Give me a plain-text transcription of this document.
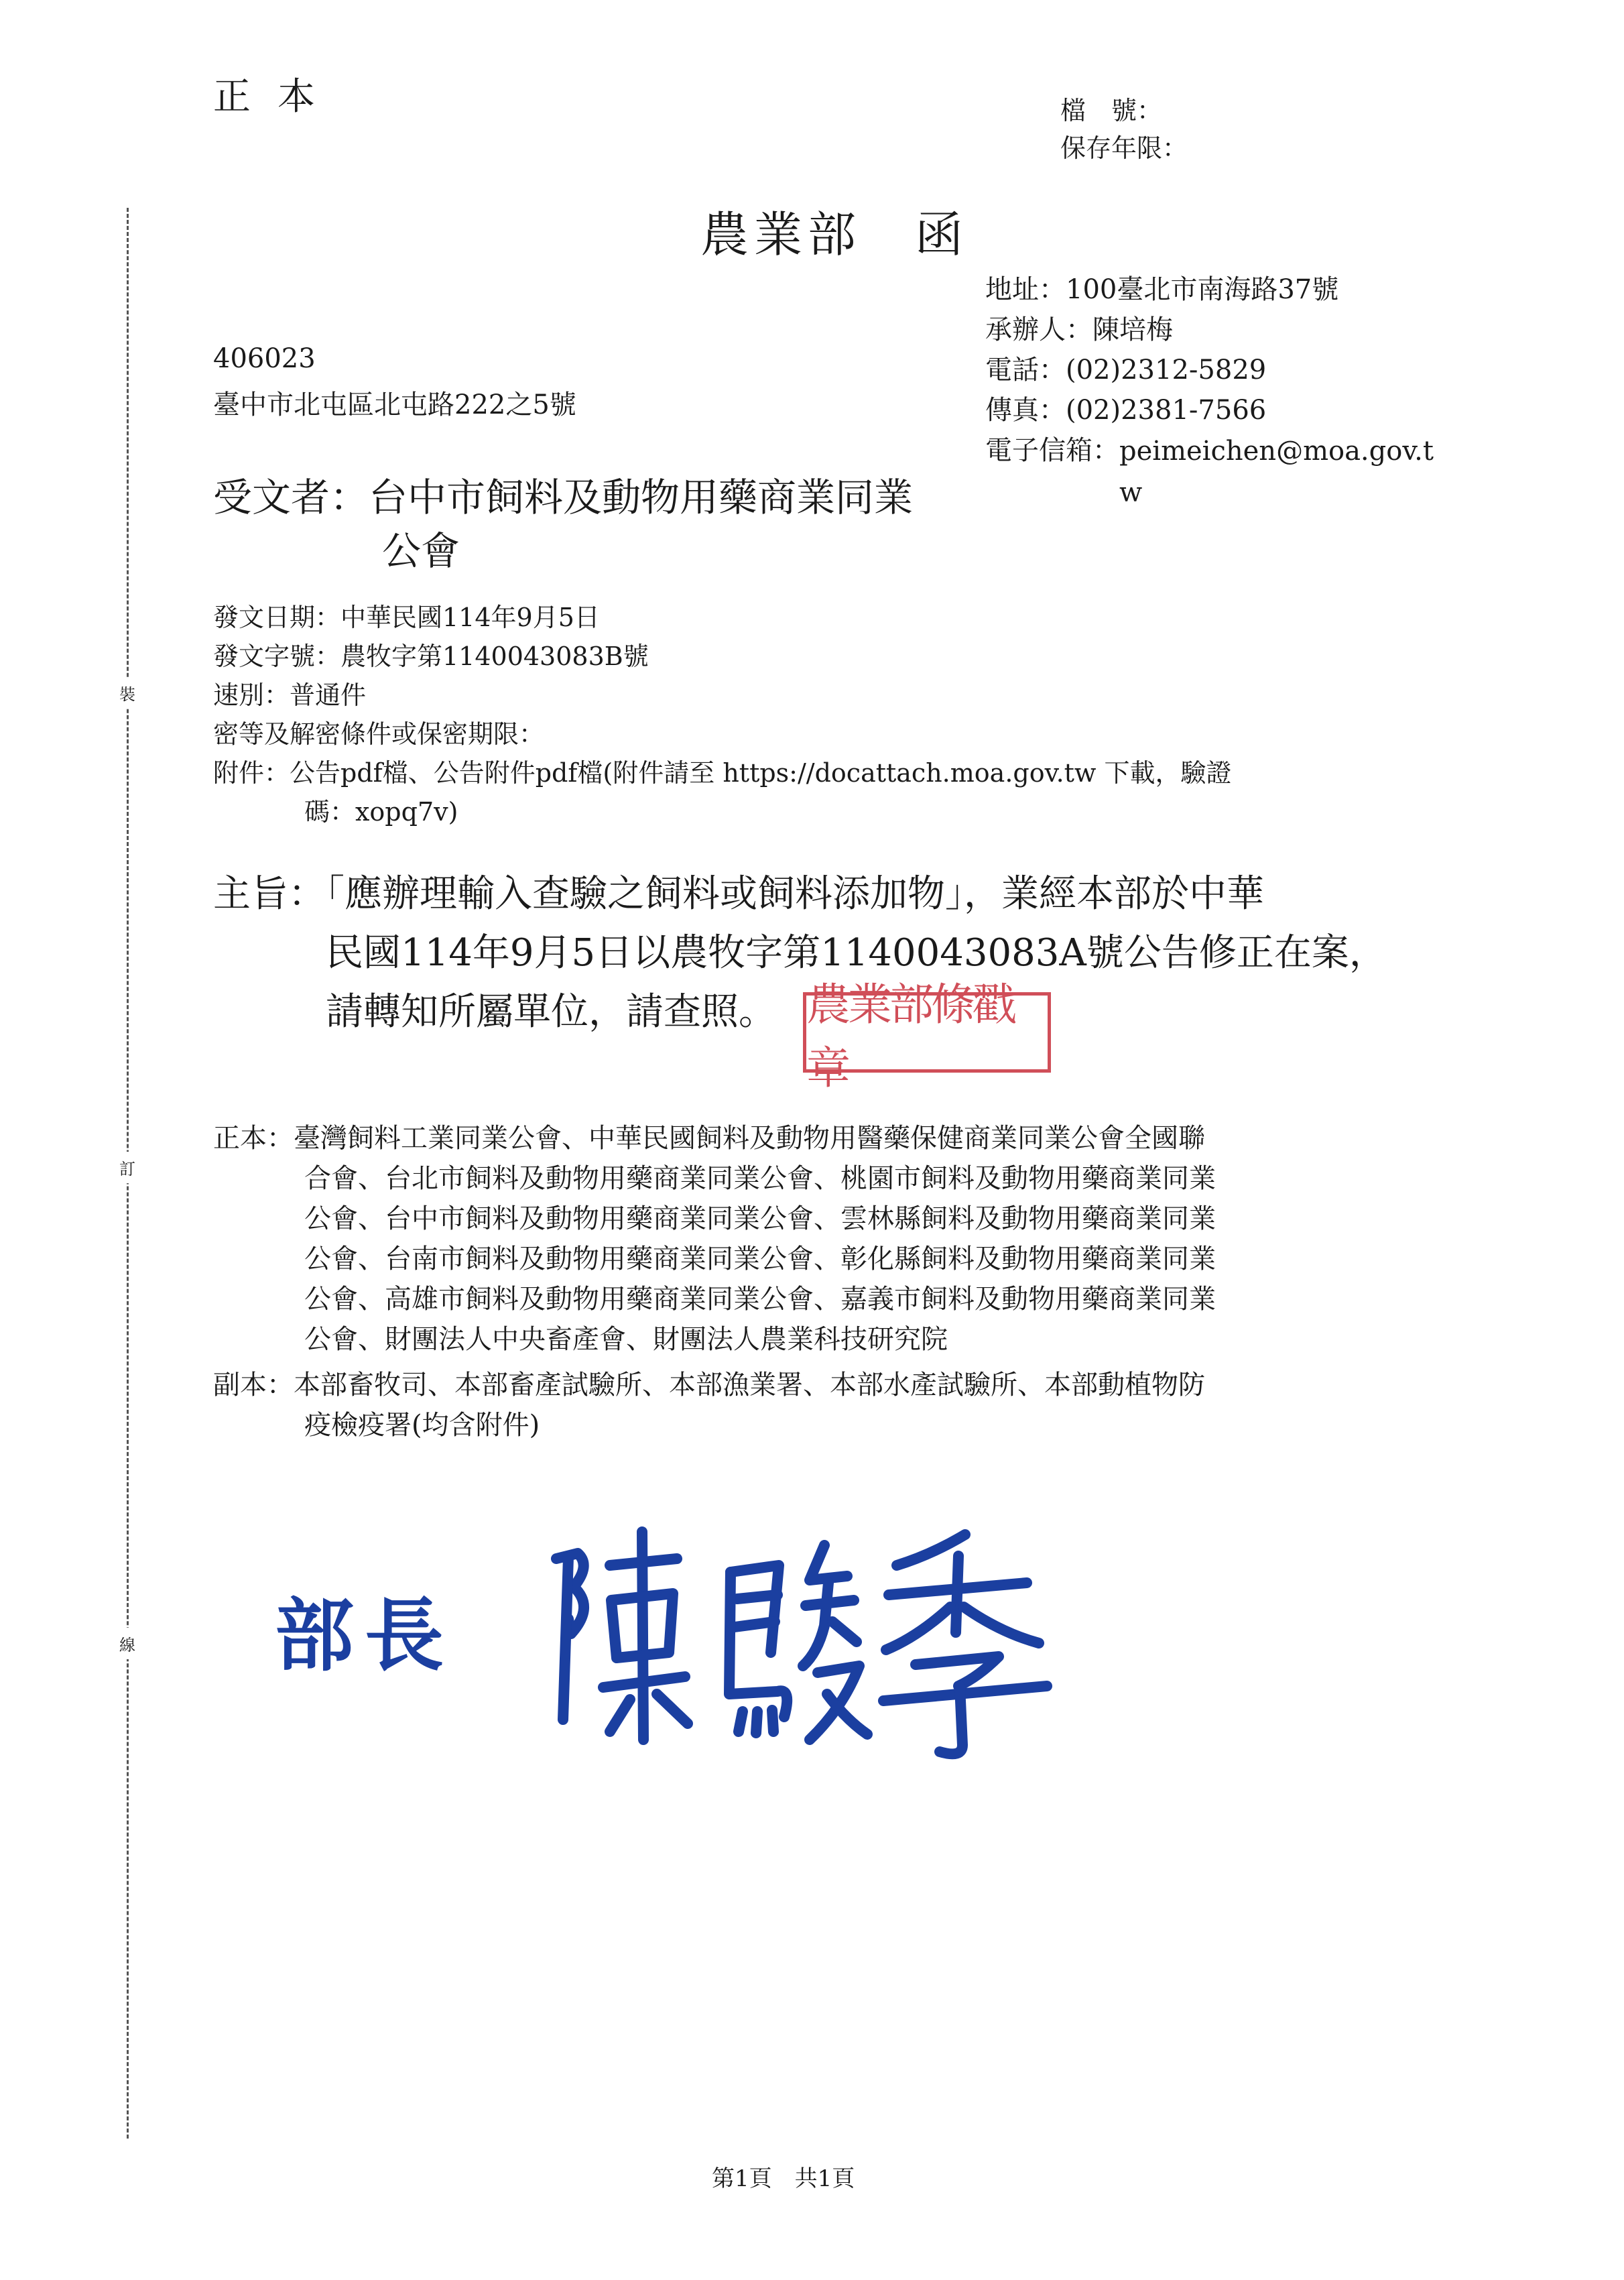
裝
訂
線
正本	檔　號：
保存年限：
農業部　函
地址：100臺北市南海路37號
承辦人：陳培梅
電話：(02)2312-5829
傳真：(02)2381-7566
電子信箱： peimeichen@moa.gov.tw
406023
臺中市北屯區北屯路222之5號
受文者：台中市飼料及動物用藥商業同業
公會
發文日期：中華民國114年9月5日
發文字號：農牧字第1140043083B號
速別：普通件
密等及解密條件或保密期限：
附件：公告pdf檔、公告附件pdf檔(附件請至 https://docattach.moa.gov.tw 下載，驗證
碼：xopq7v)
主旨：「應辦理輸入查驗之飼料或飼料添加物」，業經本部於中華
民國114年9月5日以農牧字第1140043083A號公告修正在案，
請轉知所屬單位，請查照。 農業部條戳章
正本：臺灣飼料工業同業公會、中華民國飼料及動物用醫藥保健商業同業公會全國聯
合會、台北市飼料及動物用藥商業同業公會、桃園市飼料及動物用藥商業同業
公會、台中市飼料及動物用藥商業同業公會、雲林縣飼料及動物用藥商業同業
公會、台南市飼料及動物用藥商業同業公會、彰化縣飼料及動物用藥商業同業
公會、高雄市飼料及動物用藥商業同業公會、嘉義市飼料及動物用藥商業同業
公會、財團法人中央畜產會、財團法人農業科技研究院
副本：本部畜牧司、本部畜產試驗所、本部漁業署、本部水產試驗所、本部動植物防
疫檢疫署(均含附件)
部長
第1頁　共1頁
